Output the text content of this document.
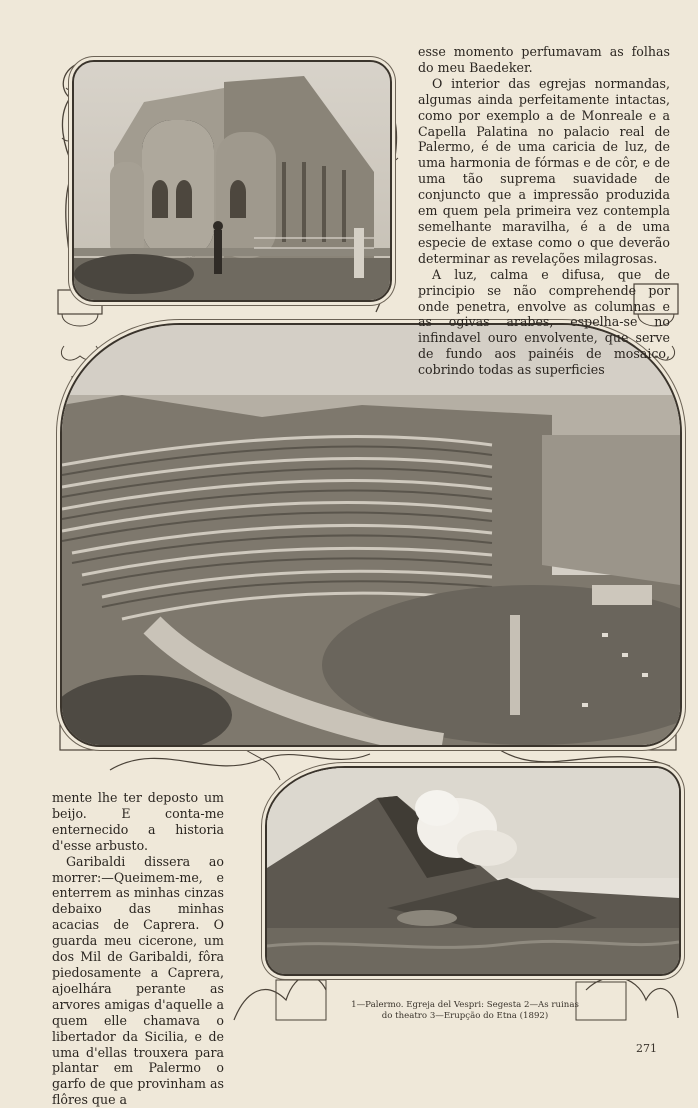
esse momento perfumavam as folhas do meu Baedeker.

O interior das egrejas normandas, algumas ainda perfeitamente intactas, como por exemplo a de Monreale e a Capella Palatina no palacio real de Palermo, é de uma caricia de luz, de uma harmonia de fórmas e de côr, e de uma tão suprema suavidade de conjuncto que a impressão produzida em quem pela primeira vez contempla semelhante maravilha, é a de uma especie de extase como o que deverão determinar as revelações milagrosas.

A luz, calma e difusa, que de principio se não comprehende por onde penetra, envolve as columnas e as ogivas arabes, espelha-se no infindavel ouro envolvente, que serve de fundo aos painéis de mosaico, cobrindo todas as superficies

mente lhe ter deposto um beijo. E conta-me enternecido a historia d'esse arbusto.

Garibaldi dissera ao morrer:—Queimem-me, e enterrem as minhas cinzas debaixo das minhas acacias de Caprera. O guarda meu cicerone, um dos Mil de Garibaldi, fôra piedosamente a Caprera, ajoelhára perante as arvores amigas d'aquelle a quem elle chamava o libertador da Sicilia, e de uma d'ellas trouxera para plantar em Palermo o garfo de que provinham as flôres que a

1—Palermo. Egreja del Vespri: Segesta 2—As ruinas
do theatro 3—Erupção do Etna (1892)
271
